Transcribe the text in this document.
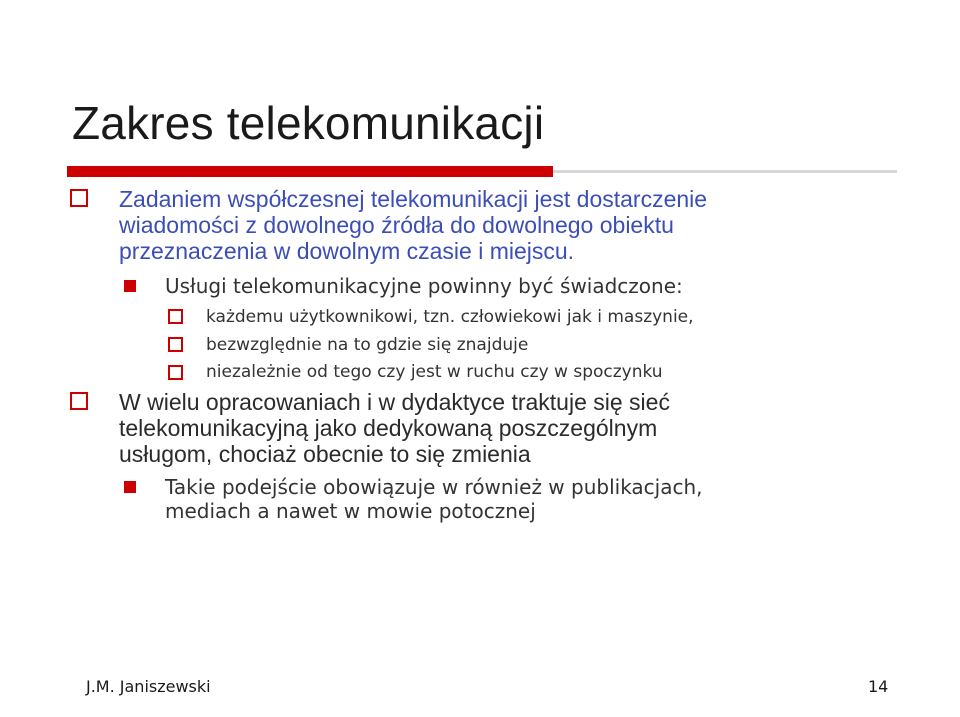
Zakres telekomunikacji
Zadaniem współczesnej telekomunikacji jest dostarczenie
wiadomości z dowolnego źródła do dowolnego obiektu
przeznaczenia w dowolnym czasie i miejscu.
Usługi telekomunikacyjne powinny być świadczone:
każdemu użytkownikowi, tzn. człowiekowi jak i maszynie,
bezwzględnie na to gdzie się znajduje
niezależnie od tego czy jest w ruchu czy w spoczynku
W wielu opracowaniach i w dydaktyce traktuje się sieć
telekomunikacyjną jako dedykowaną poszczególnym
usługom, chociaż obecnie to się zmienia
Takie podejście obowiązuje w również w publikacjach,
mediach a nawet w mowie potocznej
J.M. Janiszewski	14
